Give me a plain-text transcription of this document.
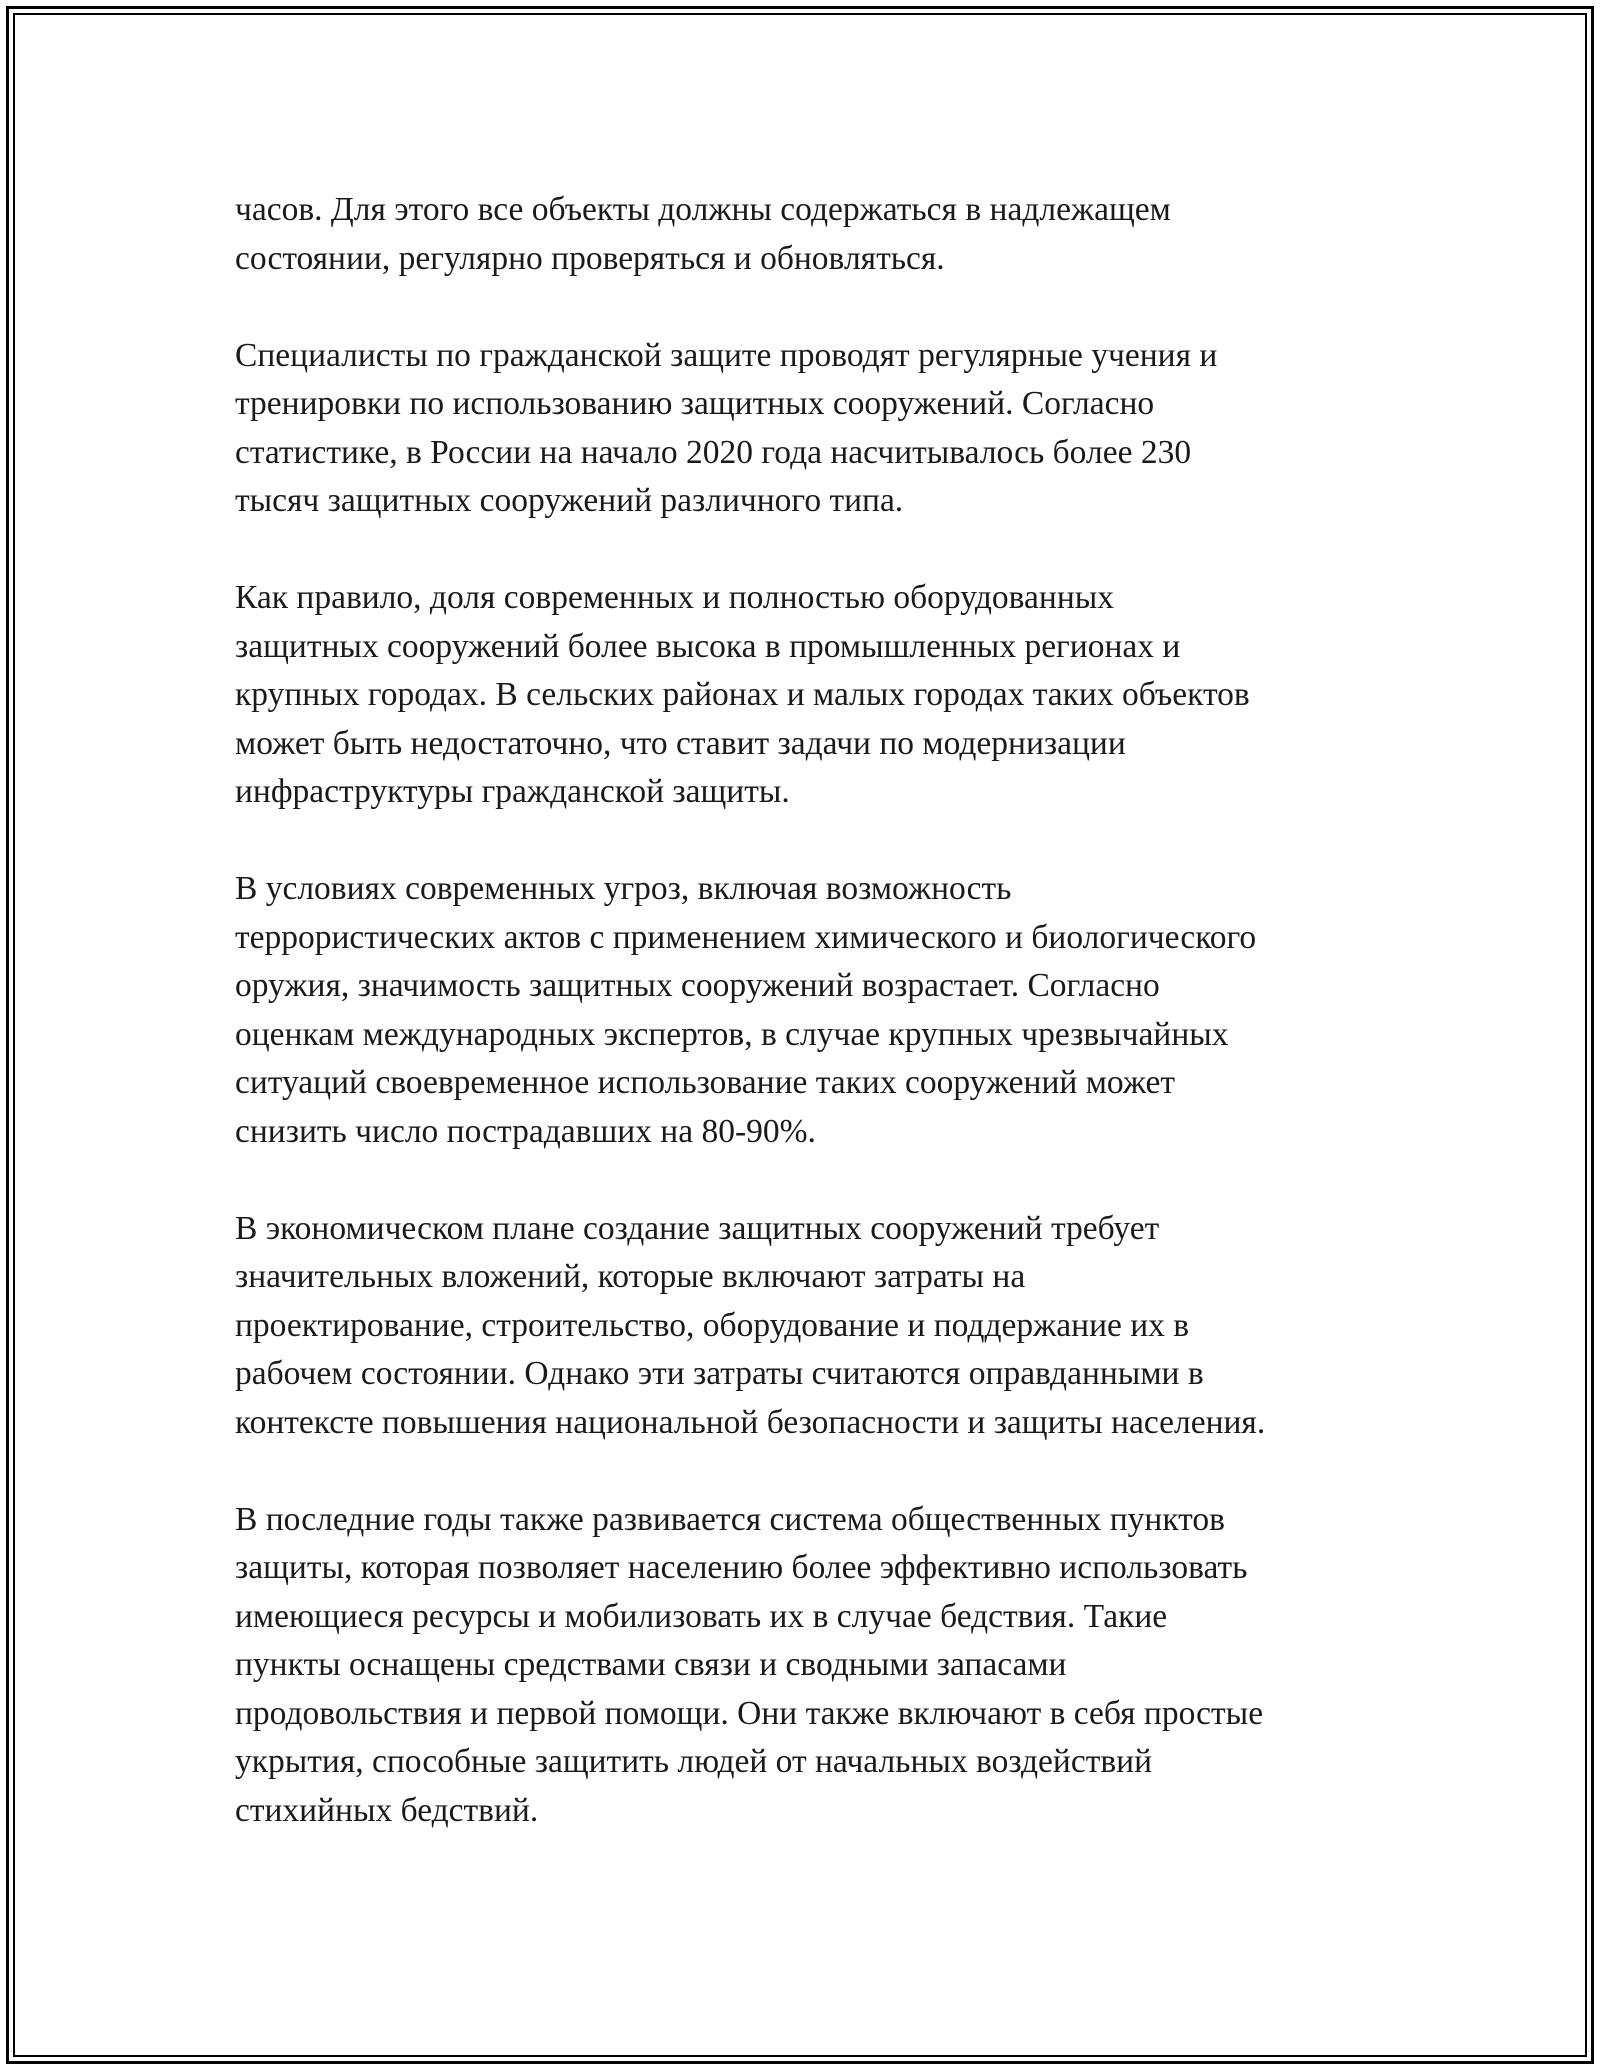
часов. Для этого все объекты должны содержаться в надлежащем
состоянии, регулярно проверяться и обновляться.

Специалисты по гражданской защите проводят регулярные учения и
тренировки по использованию защитных сооружений. Согласно
статистике, в России на начало 2020 года насчитывалось более 230
тысяч защитных сооружений различного типа.

Как правило, доля современных и полностью оборудованных
защитных сооружений более высока в промышленных регионах и
крупных городах. В сельских районах и малых городах таких объектов
может быть недостаточно, что ставит задачи по модернизации
инфраструктуры гражданской защиты.

В условиях современных угроз, включая возможность
террористических актов с применением химического и биологического
оружия, значимость защитных сооружений возрастает. Согласно
оценкам международных экспертов, в случае крупных чрезвычайных
ситуаций своевременное использование таких сооружений может
снизить число пострадавших на 80-90%.

В экономическом плане создание защитных сооружений требует
значительных вложений, которые включают затраты на
проектирование, строительство, оборудование и поддержание их в
рабочем состоянии. Однако эти затраты считаются оправданными в
контексте повышения национальной безопасности и защиты населения.

В последние годы также развивается система общественных пунктов
защиты, которая позволяет населению более эффективно использовать
имеющиеся ресурсы и мобилизовать их в случае бедствия. Такие
пункты оснащены средствами связи и сводными запасами
продовольствия и первой помощи. Они также включают в себя простые
укрытия, способные защитить людей от начальных воздействий
стихийных бедствий.
